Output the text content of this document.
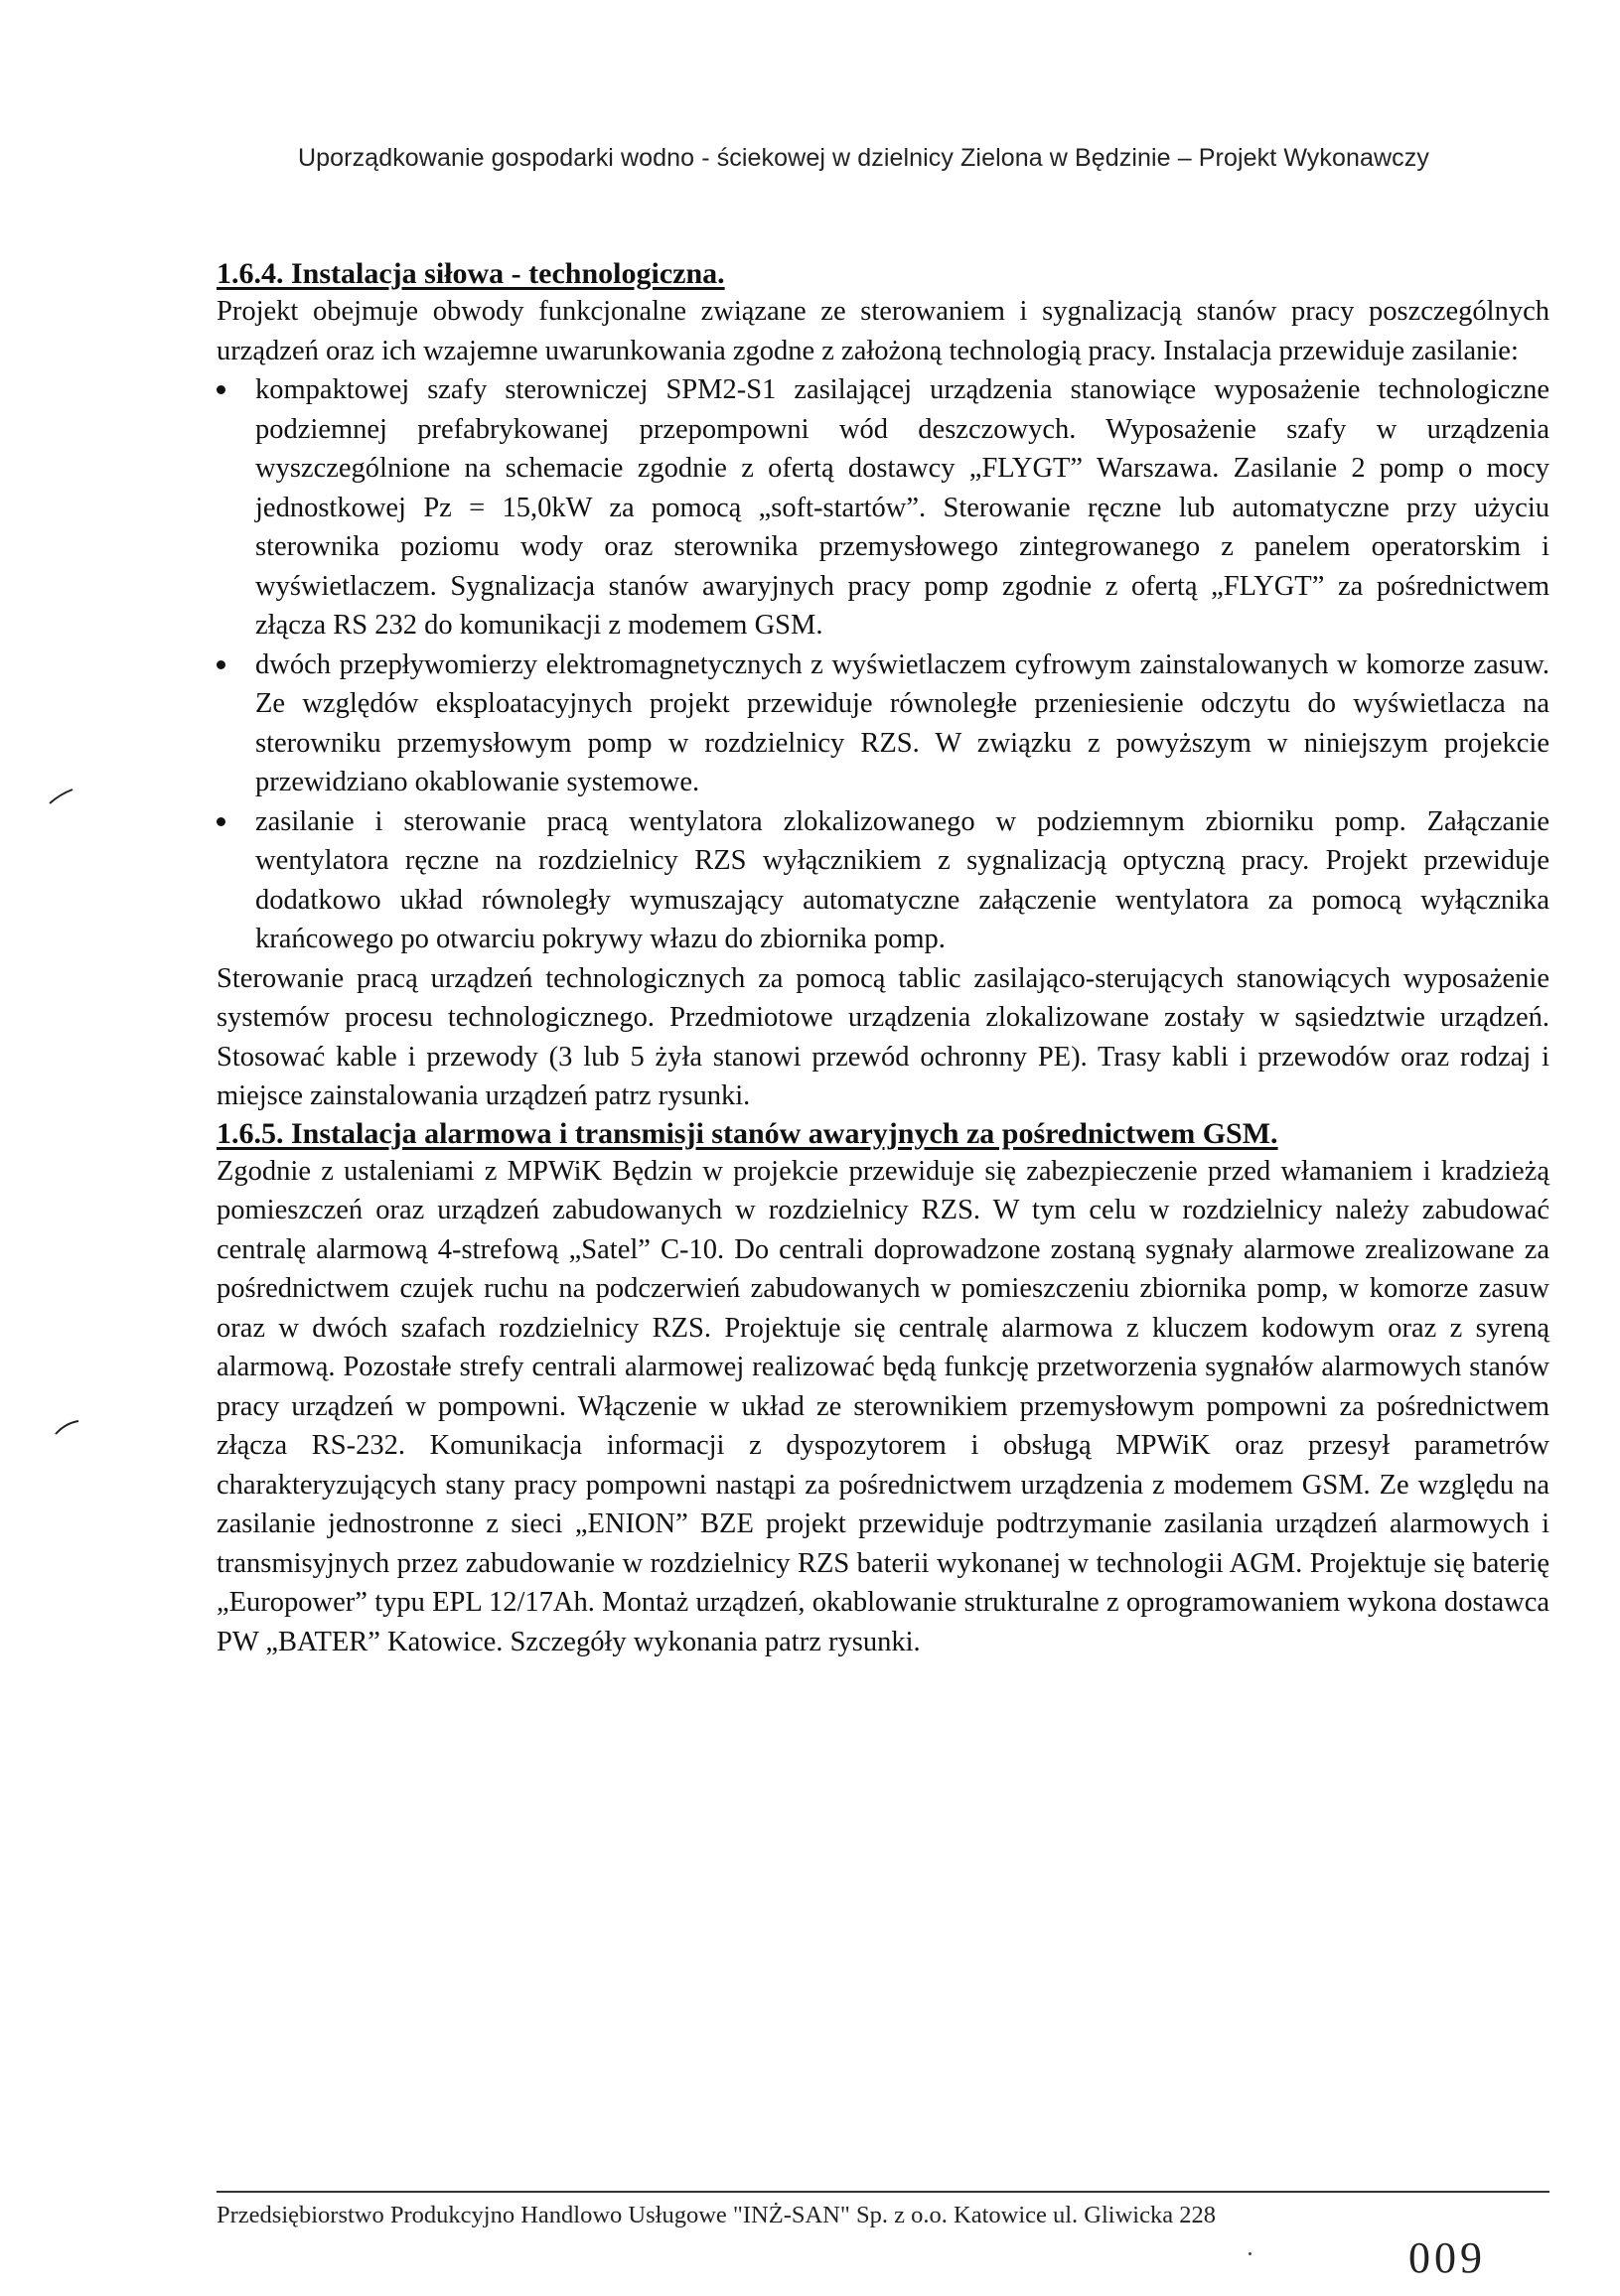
Uporządkowanie gospodarki wodno - ściekowej w dzielnicy Zielona w Będzinie – Projekt Wykonawczy
1.6.4. Instalacja siłowa - technologiczna.

Projekt obejmuje obwody funkcjonalne związane ze sterowaniem i sygnalizacją stanów pracy poszczególnych urządzeń oraz ich wzajemne uwarunkowania zgodne z założoną technologią pracy. Instalacja przewiduje zasilanie:

kompaktowej szafy sterowniczej SPM2-S1 zasilającej urządzenia stanowiące wyposażenie technologiczne podziemnej prefabrykowanej przepompowni wód deszczowych. Wyposażenie szafy w urządzenia wyszczególnione na schemacie zgodnie z ofertą dostawcy „FLYGT” Warszawa. Zasilanie 2 pomp o mocy jednostkowej Pz = 15,0kW za pomocą „soft-startów”. Sterowanie ręczne lub automatyczne przy użyciu sterownika poziomu wody oraz sterownika przemysłowego zintegrowanego z panelem operatorskim i wyświetlaczem. Sygnalizacja stanów awaryjnych pracy pomp zgodnie z ofertą „FLYGT” za pośrednictwem złącza RS 232 do komunikacji z modemem GSM.
dwóch przepływomierzy elektromagnetycznych z wyświetlaczem cyfrowym zainstalowanych w komorze zasuw. Ze względów eksploatacyjnych projekt przewiduje równoległe przeniesienie odczytu do wyświetlacza na sterowniku przemysłowym pomp w rozdzielnicy RZS. W związku z powyższym w niniejszym projekcie przewidziano okablowanie systemowe.
zasilanie i sterowanie pracą wentylatora zlokalizowanego w podziemnym zbiorniku pomp. Załączanie wentylatora ręczne na rozdzielnicy RZS wyłącznikiem z sygnalizacją optyczną pracy. Projekt przewiduje dodatkowo układ równoległy wymuszający automatyczne załączenie wentylatora za pomocą wyłącznika krańcowego po otwarciu pokrywy włazu do zbiornika pomp.

Sterowanie pracą urządzeń technologicznych za pomocą tablic zasilająco-sterujących stanowiących wyposażenie systemów procesu technologicznego. Przedmiotowe urządzenia zlokalizowane zostały w sąsiedztwie urządzeń. Stosować kable i przewody (3 lub 5 żyła stanowi przewód ochronny PE). Trasy kabli i przewodów oraz rodzaj i miejsce zainstalowania urządzeń patrz rysunki.

1.6.5. Instalacja alarmowa i transmisji stanów awaryjnych za pośrednictwem GSM.

Zgodnie z ustaleniami z MPWiK Będzin w projekcie przewiduje się zabezpieczenie przed włamaniem i kradzieżą pomieszczeń oraz urządzeń zabudowanych w rozdzielnicy RZS. W tym celu w rozdzielnicy należy zabudować centralę alarmową 4-strefową „Satel” C-10. Do centrali doprowadzone zostaną sygnały alarmowe zrealizowane za pośrednictwem czujek ruchu na podczerwień zabudowanych w pomieszczeniu zbiornika pomp, w komorze zasuw oraz w dwóch szafach rozdzielnicy RZS. Projektuje się centralę alarmowa z kluczem kodowym oraz z syreną alarmową. Pozostałe strefy centrali alarmowej realizować będą funkcję przetworzenia sygnałów alarmowych stanów pracy urządzeń w pompowni. Włączenie w układ ze sterownikiem przemysłowym pompowni za pośrednictwem złącza RS-232. Komunikacja informacji z dyspozytorem i obsługą MPWiK oraz przesył parametrów charakteryzujących stany pracy pompowni nastąpi za pośrednictwem urządzenia z modemem GSM. Ze względu na zasilanie jednostronne z sieci „ENION” BZE projekt przewiduje podtrzymanie zasilania urządzeń alarmowych i transmisyjnych przez zabudowanie w rozdzielnicy RZS baterii wykonanej w technologii AGM. Projektuje się baterię „Europower” typu EPL 12/17Ah. Montaż urządzeń, okablowanie strukturalne z oprogramowaniem wykona dostawca PW „BATER” Katowice. Szczegóły wykonania patrz rysunki.

Przedsiębiorstwo Produkcyjno Handlowo Usługowe "INŻ-SAN" Sp. z o.o. Katowice ul. Gliwicka 228
009
